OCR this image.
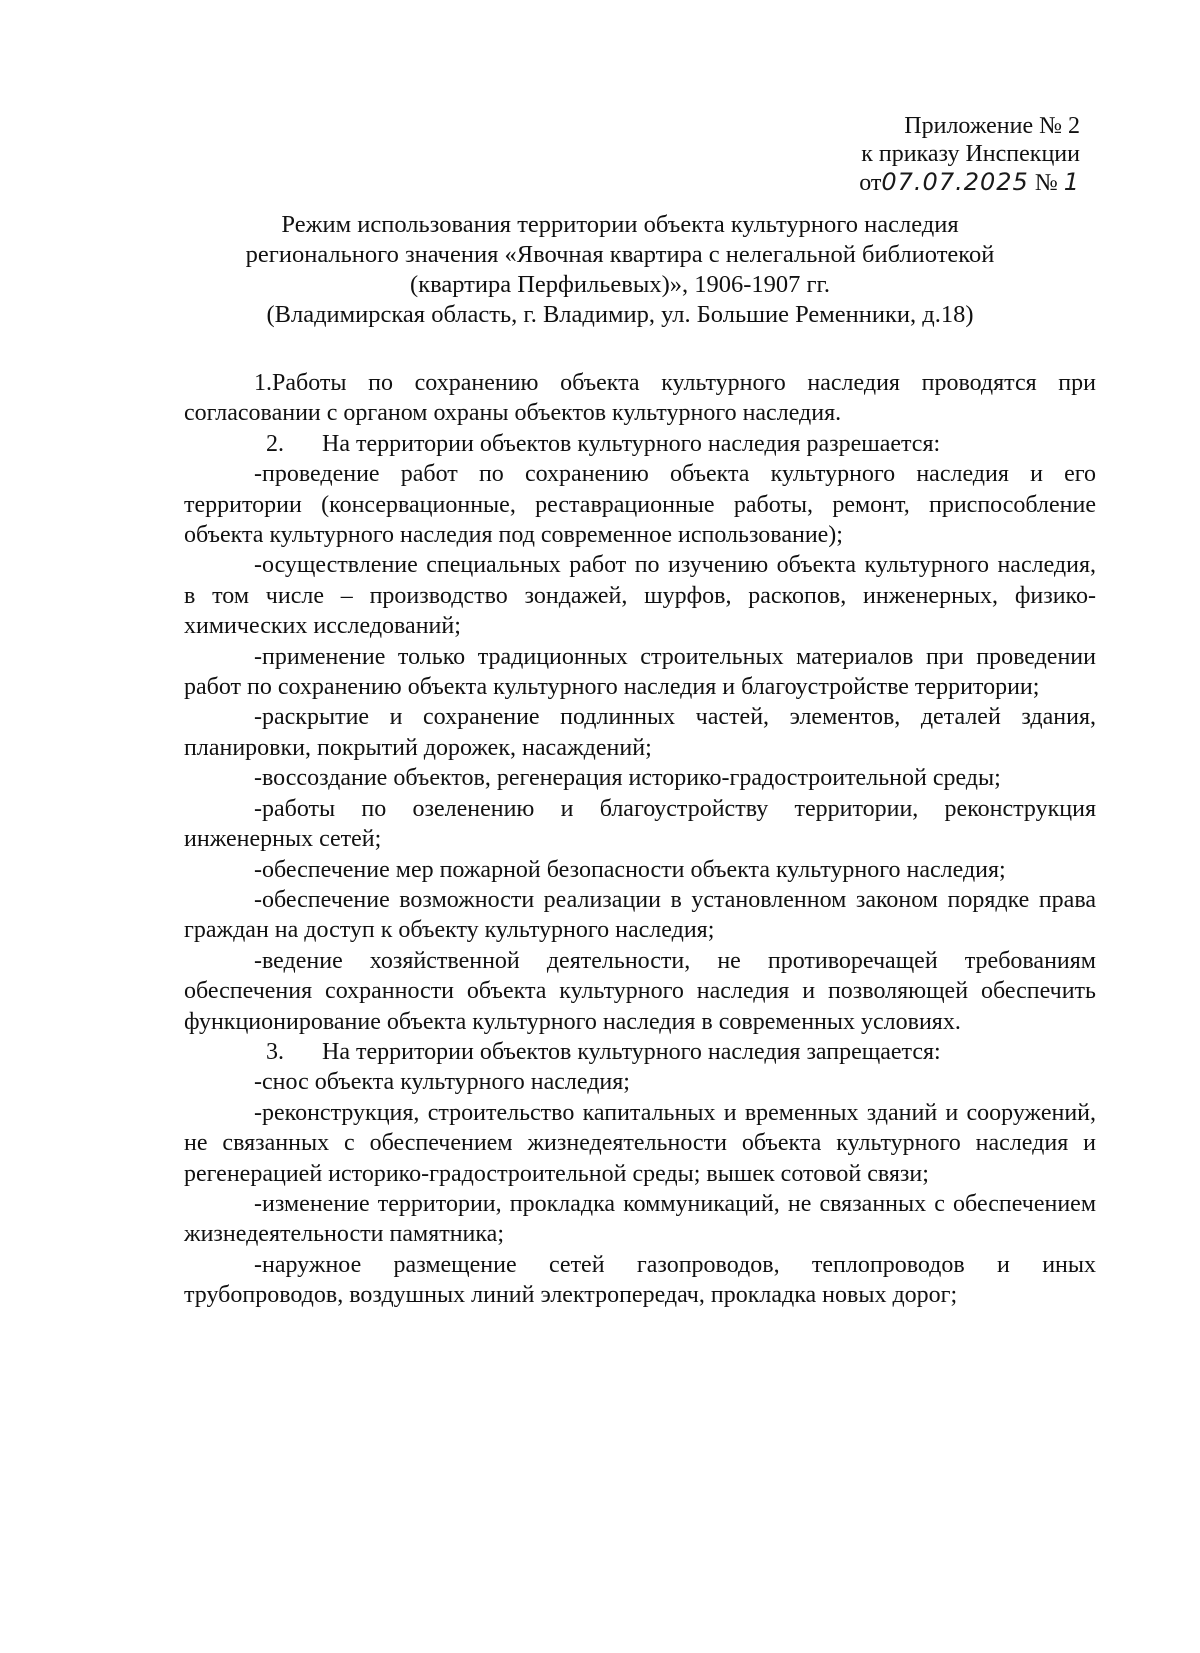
Приложение № 2
к приказу Инспекции
от07.07.2025 № 1
Режим использования территории объекта культурного наследия
регионального значения «Явочная квартира с нелегальной библиотекой
(квартира Перфильевых)», 1906-1907 гг.
(Владимирская область, г. Владимир, ул. Большие Ременники, д.18)

1.Работы по сохранению объекта культурного наследия проводятся при согласовании с органом охраны объектов культурного наследия.

2. На территории объектов культурного наследия разрешается:

-проведение работ по сохранению объекта культурного наследия и его территории (консервационные, реставрационные работы, ремонт, приспособление объекта культурного наследия под современное использование);

-осуществление специальных работ по изучению объекта культурного наследия, в том числе – производство зондажей, шурфов, раскопов, инженерных, физико-химических исследований;

-применение только традиционных строительных материалов при проведении работ по сохранению объекта культурного наследия и благоустройстве территории;

-раскрытие и сохранение подлинных частей, элементов, деталей здания, планировки, покрытий дорожек, насаждений;

-воссоздание объектов, регенерация историко-градостроительной среды;

-работы по озеленению и благоустройству территории, реконструкция инженерных сетей;

-обеспечение мер пожарной безопасности объекта культурного наследия;

-обеспечение возможности реализации в установленном законом порядке права граждан на доступ к объекту культурного наследия;

-ведение хозяйственной деятельности, не противоречащей требованиям обеспечения сохранности объекта культурного наследия и позволяющей обеспечить функционирование объекта культурного наследия в современных условиях.

3. На территории объектов культурного наследия запрещается:

-снос объекта культурного наследия;

-реконструкция, строительство капитальных и временных зданий и сооружений, не связанных с обеспечением жизнедеятельности объекта культурного наследия и регенерацией историко-градостроительной среды; вышек сотовой связи;

-изменение территории, прокладка коммуникаций, не связанных с обеспечением жизнедеятельности памятника;

-наружное размещение сетей газопроводов, теплопроводов и иных трубопроводов, воздушных линий электропередач, прокладка новых дорог;
